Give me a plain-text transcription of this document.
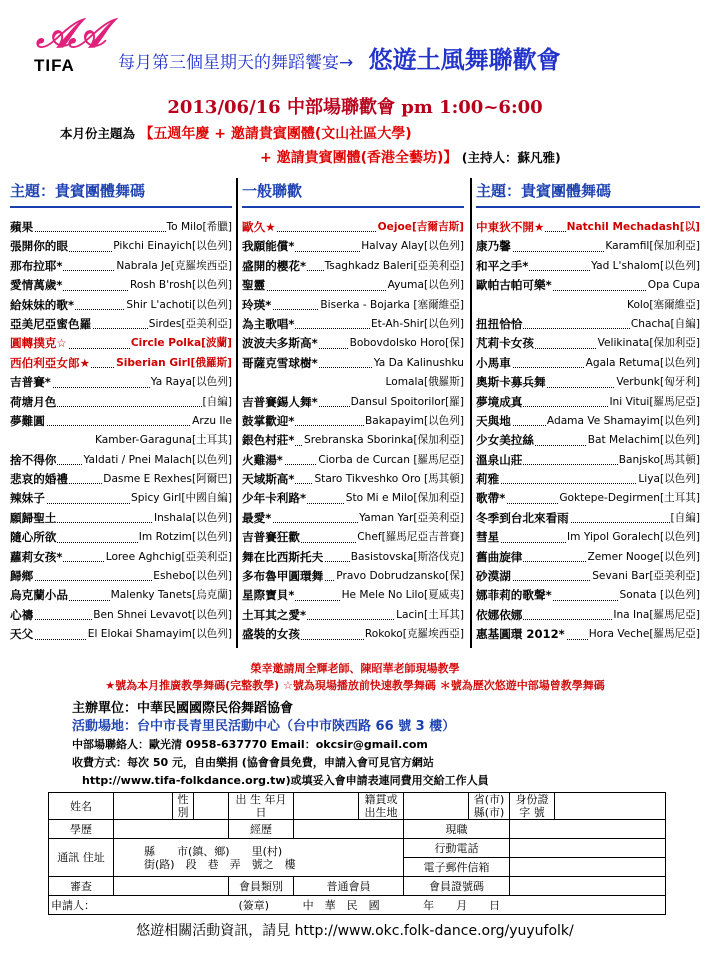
𝒜𝒜
TIFA	每月第三個星期天的舞蹈饗宴→ 悠遊土風舞聯歡會
2013/06/16 中部場聯歡會 pm 1:00~6:00
本月份主題為 【五週年慶 + 邀請貴賓團體(文山社區大學)
+ 邀請貴賓團體(香港全藝坊)】 (主持人：蘇凡雅)
主題：貴賓團體舞碼
蘋果	To Milo[希臘]
張開你的眼	Pikchi Einayich[以色列]
那布拉耶*	Nabrala Je[克羅埃西亞]
愛情萬歲*	Rosh B'rosh[以色列]
給妹妹的歌*	Shir L'achoti[以色列]
亞美尼亞蜜色羅	Sirdes[亞美利亞]
圓轉撲克☆	Circle Polka[波蘭]
西伯利亞女郎★ Siberian Girl[俄羅斯]
吉普賽*	Ya Raya[以色列]
荷塘月色	[自編]
夢難圓	Arzu Ile
Kamber-Garaguna[土耳其]
捨不得你	Yaldati / Pnei Malach[以色列]
悲哀的婚禮	Dasme E Rexhes[阿爾巴]
辣妹子	Spicy Girl[中國自編]
願歸聖土	Inshala[以色列]
隨心所欲	Im Rotzim[以色列]
蘿莉女孩*	Loree Aghchig[亞美利亞]
歸鄉	Eshebo[以色列]
烏克蘭小品	Malenky Tanets[烏克蘭]
心禱	Ben Shnei Levavot[以色列]
天父	El Elokai Shamayim[以色列]
一般聯歡
歐久★	Oejoe[吉爾吉斯]
我願能償*	Halvay Alay[以色列]
盛開的櫻花* Tsaghkadz Baleri[亞美利亞]
聖靈	Ayuma[以色列]
玲瑛*	Biserka - Bojarka [塞爾維亞]
為主歌唱*	Et-Ah-Shir[以色列]
波波夫多斯高*	Bobovdolsko Horo[保]
哥薩克雪球樹*	Ya Da Kalinushku
Lomala[俄羅斯]
吉普賽錫人舞*	Dansul Spoitorilor[羅]
鼓掌歡迎*	Bakapayim[以色列]
銀色村莊* Srebranska Sborinka[保加利亞]
火雞湯*	Ciorba de Curcan [羅馬尼亞]
天域斯高* Staro Tikveshko Oro [馬其頓]
少年卡利路*	Sto Mi e Milo[保加利亞]
最愛*	Yaman Yar[亞美利亞]
吉普賽狂歡	Chef[羅馬尼亞吉普賽]
舞在比西斯托夫	Basistovska[斯洛伐克]
多布魯甲圓環舞 Pravo Dobrudzansko[保]
星際寶貝*	He Mele No Lilo[夏威夷]
土耳其之愛*	Lacin[土耳其]
盛裝的女孩	Rokoko[克羅埃西亞]
主題：貴賓團體舞碼
中東狄不開★ Natchil Mechadash[以]
康乃馨	Karamfil[保加利亞]
和平之手*	Yad L'shalom[以色列]
歐帕古帕可樂*	Opa Cupa
Kolo[塞爾維亞]
扭扭恰恰	Chacha[自編]
芃莉卡女孩	Velikinata[保加利亞]
小馬車	Agala Retuma[以色列]
奧斯卡募兵舞	Verbunk[匈牙利]
夢境成真	Ini Vitui[羅馬尼亞]
天與地	Adama Ve Shamayim[以色列]
少女美拉絲	Bat Melachim[以色列]
溫泉山莊	Banjsko[馬其頓]
莉雅	Liya[以色列]
歌帶*	Goktepe-Degirmen[土耳其]
冬季到台北來看雨	[自編]
彗星	Im Yipol Goralech[以色列]
舊曲旋律	Zemer Nooge[以色列]
砂漠湖	Sevani Bar[亞美利亞]
娜菲莉的歌聲*	Sonata [以色列]
依娜依娜	Ina Ina[羅馬尼亞]
惠基圓環 2012* Hora Veche[羅馬尼亞]
榮幸邀請周全輝老師、陳昭華老師現場教學
★號為本月推廣教學舞碼(完整教學) ☆號為現場播放前快速教學舞碼 ＊號為歷次悠遊中部場曾教學舞碼
主辦單位：中華民國國際民俗舞蹈協會
活動場地：台中市長青里民活動中心（台中市陝西路 66 號 3 樓）
中部場聯絡人：歐光清 0958-637770 Email：okcsir@gmail.com
收費方式：每次 50 元，自由樂捐 (協會會員免費，申請入會可見官方網站
http://www.tifa-folkdance.org.tw)或填妥入會申請表連同費用交給工作人員
姓名		性別		出 生 年月日		籍貫或 出生地		省(市) 縣(市)	身份證 字 號	
學歷				經歷			現職			
通訊 住址	縣　　市(鎮、鄉)　　里(村)
街(路)　段　巷　弄　號之　樓						行動電話			
							電子郵件信箱			
審查				會員類別	普通會員		會員證號碼			
申請人： (簽章) 中　華　民　國 年　　月　　日										
悠遊相關活動資訊，請見 http://www.okc.folk-dance.org/yuyufolk/
